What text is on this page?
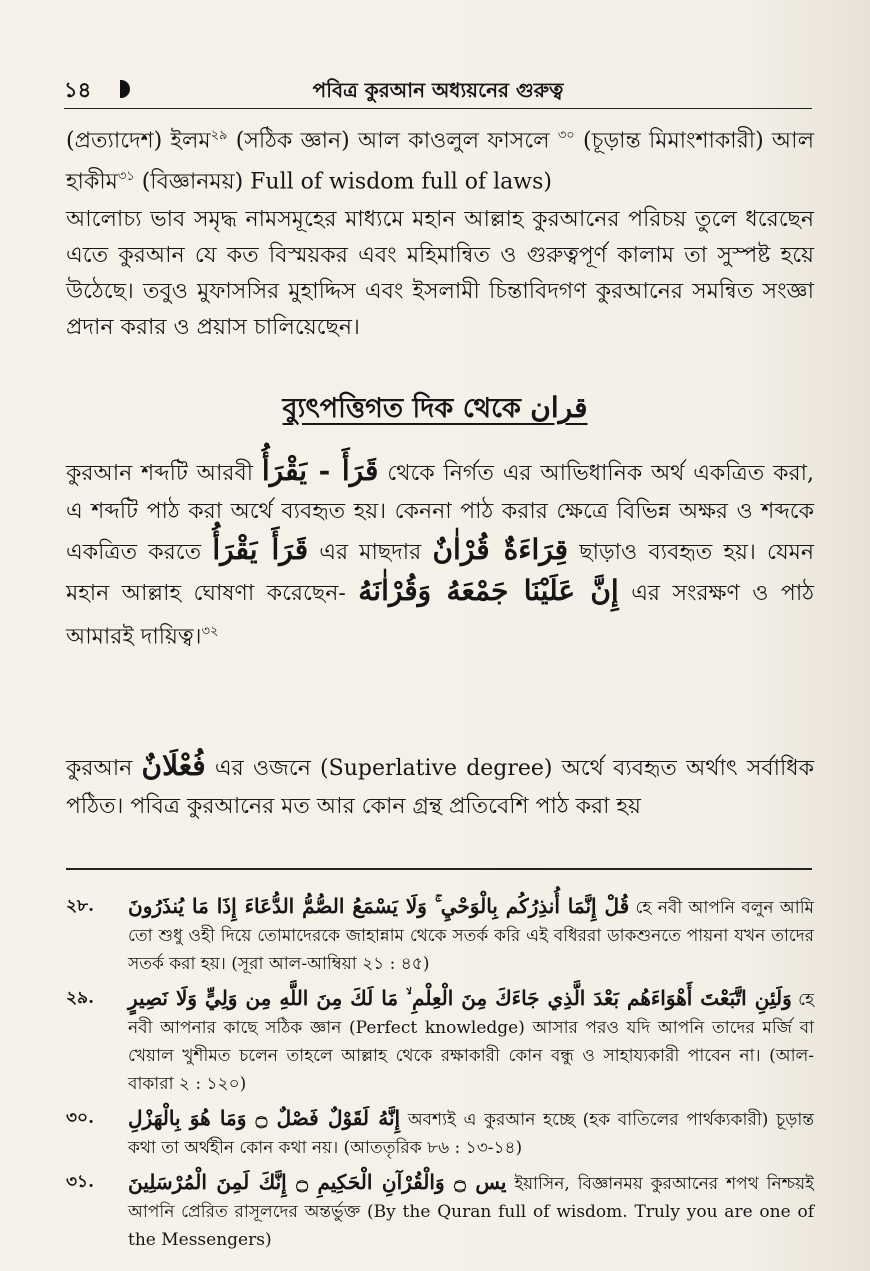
১৪	পবিত্র কুরআন অধ্যয়নের গুরুত্ব
(প্রত্যাদেশ) ইলম$^{২৯}$ (সঠিক জ্ঞান) আল কাওলুল ফাসলে $^{৩০}$ (চূড়ান্ত মিমাংশাকারী) আল হাকীম$^{৩১}$ (বিজ্ঞানময়) Full of wisdom full of laws)
আলোচ্য ভাব সমৃদ্ধ নামসমূহের মাধ্যমে মহান আল্লাহ কুরআনের পরিচয় তুলে ধরেছেন এতে কুরআন যে কত বিস্ময়কর এবং মহিমান্বিত ও গুরুত্বপূর্ণ কালাম তা সুস্পষ্ট হয়ে উঠেছে। তবুও মুফাসসির মুহাদ্দিস এবং ইসলামী চিন্তাবিদগণ কুরআনের সমন্বিত সংজ্ঞা প্রদান করার ও প্রয়াস চালিয়েছেন।
ব্যুৎপত্তিগত দিক থেকে قران
কুরআন শব্দটি আরবী قَرَأَ - يَقْرَأُ থেকে নির্গত এর আভিধানিক অর্থ একত্রিত করা, এ শব্দটি পাঠ করা অর্থে ব্যবহৃত হয়। কেননা পাঠ করার ক্ষেত্রে বিভিন্ন অক্ষর ও শব্দকে একত্রিত করতে قَرَأَ يَقْرَأُ এর মাছদার قِرَاءَةٌ قُرْاٰنٌ ছাড়াও ব্যবহৃত হয়। যেমন মহান আল্লাহ ঘোষণা করেছেন- إِنَّ عَلَيْنَا جَمْعَهُ وَقُرْاٰنَهُ এর সংরক্ষণ ও পাঠ আমারই দায়িত্ব।$^{৩২}$
কুরআন فُعْلَانٌ এর ওজনে (Superlative degree) অর্থে ব্যবহৃত অর্থাৎ সর্বাধিক পঠিত। পবিত্র কুরআনের মত আর কোন গ্রন্থ প্রতিবেশি পাঠ করা হয়
২৮. قُلْ إِنَّمَا أُنذِرُكُم بِالْوَحْيِ ۚ وَلَا يَسْمَعُ الصُّمُّ الدُّعَاءَ إِذَا مَا يُنذَرُونَ হে নবী আপনি বলুন আমি তো শুধু ওহী দিয়ে তোমাদেরকে জাহান্নাম থেকে সতর্ক করি এই বধিররা ডাকশুনতে পায়না যখন তাদের সতর্ক করা হয়। (সূরা আল-আম্বিয়া ২১ : ৪৫)
২৯. وَلَئِنِ اتَّبَعْتَ أَهْوَاءَهُم بَعْدَ الَّذِي جَاءَكَ مِنَ الْعِلْمِ ۙ مَا لَكَ مِنَ اللَّهِ مِن وَلِيٍّ وَلَا نَصِيرٍ হে নবী আপনার কাছে সঠিক জ্ঞান (Perfect knowledge) আসার পরও যদি আপনি তাদের মর্জি বা খেয়াল খুশীমত চলেন তাহলে আল্লাহ থেকে রক্ষাকারী কোন বন্ধু ও সাহায্যকারী পাবেন না। (আল-বাকারা ২ : ১২০)
৩০. إِنَّهُ لَقَوْلٌ فَصْلٌ ۝ وَمَا هُوَ بِالْهَزْلِ অবশ্যই এ কুরআন হচ্ছে (হক বাতিলের পার্থক্যকারী) চূড়ান্ত কথা তা অর্থহীন কোন কথা নয়। (আততৃরিক ৮৬ : ১৩-১৪)
৩১. يس ۝ وَالْقُرْآنِ الْحَكِيمِ ۝ إِنَّكَ لَمِنَ الْمُرْسَلِينَ ইয়াসিন, বিজ্ঞানময় কুরআনের শপথ নিশ্চয়ই আপনি প্রেরিত রাসূলদের অন্তর্ভুক্ত (By the Quran full of wisdom. Truly you are one of the Messengers)
